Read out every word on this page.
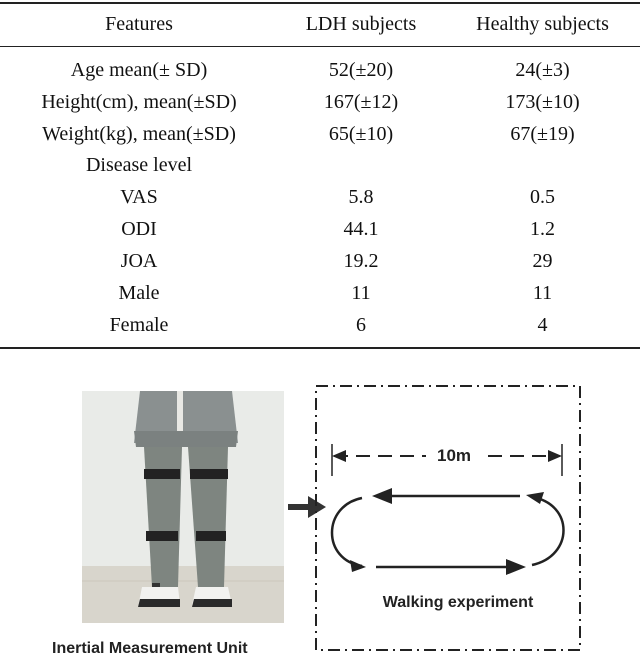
Features	LDH subjects	Healthy subjects
Age mean(± SD)	52(±20)	24(±3)
Height(cm), mean(±SD)	167(±12)	173(±10)
Weight(kg), mean(±SD)	65(±10)	67(±19)
Disease level
VAS	5.8	0.5
ODI	44.1	1.2
JOA	19.2	29
Male	11	11
Female	6	4
Inertial Measurement Unit
10m
Walking experiment
